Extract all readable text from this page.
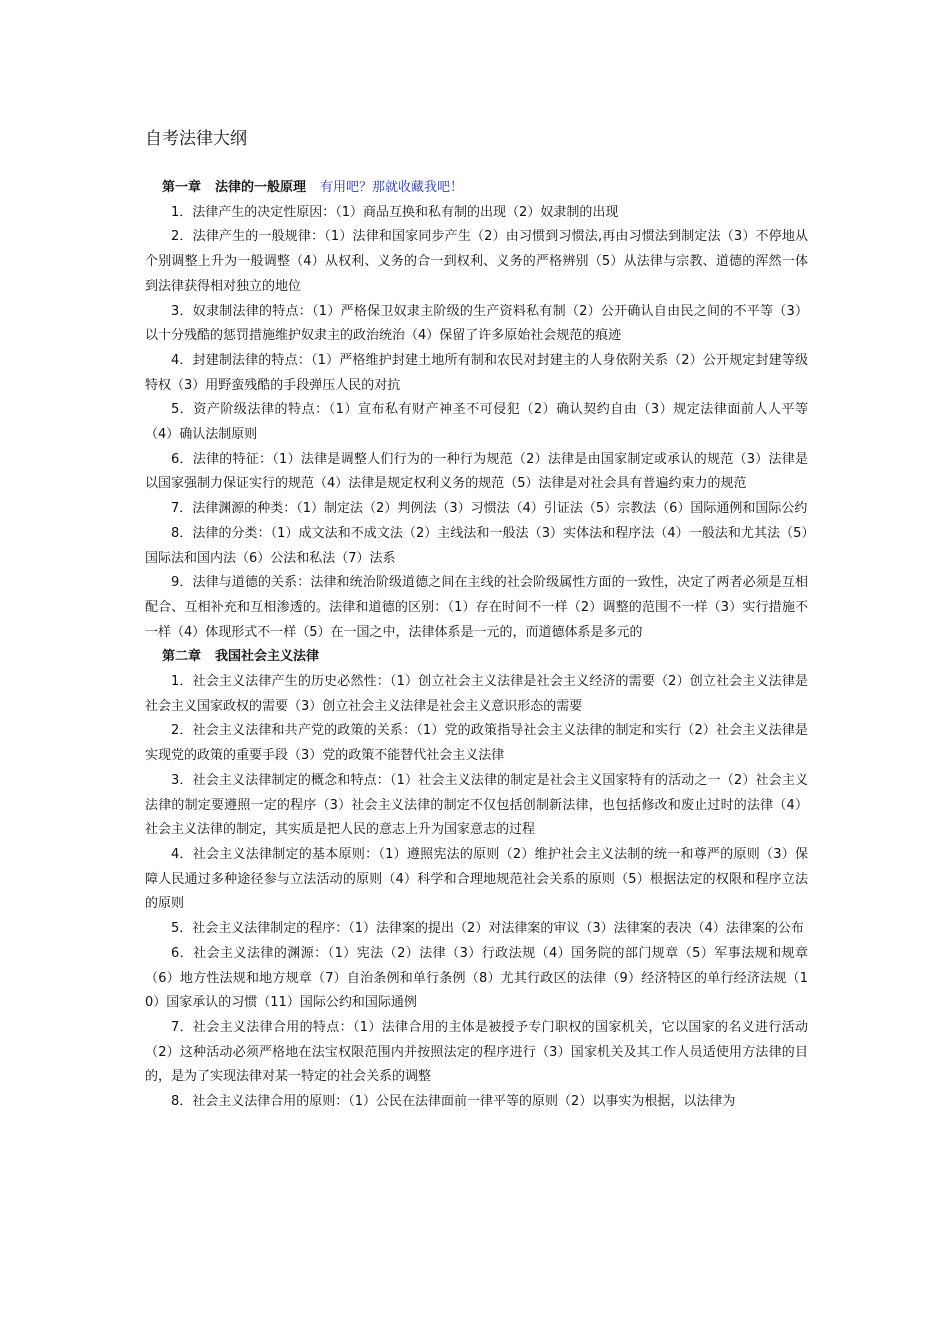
自考法律大纲

第一章 法律的一般原理 有用吧？那就收藏我吧！

1．法律产生的决定性原因：（1）商品互换和私有制的出现（2）奴隶制的出现

2．法律产生的一般规律：（1）法律和国家同步产生（2）由习惯到习惯法,再由习惯法到制定法（3）不停地从个别调整上升为一般调整（4）从权利、义务的合一到权利、义务的严格辨别（5）从法律与宗教、道德的浑然一体到法律获得相对独立的地位

3．奴隶制法律的特点：（1）严格保卫奴隶主阶级的生产资料私有制（2）公开确认自由民之间的不平等（3）以十分残酷的惩罚措施维护奴隶主的政治统治（4）保留了许多原始社会规范的痕迹

4．封建制法律的特点：（1）严格维护封建土地所有制和农民对封建主的人身依附关系（2）公开规定封建等级特权（3）用野蛮残酷的手段弹压人民的对抗

5．资产阶级法律的特点：（1）宣布私有财产神圣不可侵犯（2）确认契约自由（3）规定法律面前人人平等（4）确认法制原则

6．法律的特征：（1）法律是调整人们行为的一种行为规范（2）法律是由国家制定或承认的规范（3）法律是以国家强制力保证实行的规范（4）法律是规定权利义务的规范（5）法律是对社会具有普遍约束力的规范

7．法律渊源的种类：（1）制定法（2）判例法（3）习惯法（4）引证法（5）宗教法（6）国际通例和国际公约

8．法律的分类：（1）成文法和不成文法（2）主线法和一般法（3）实体法和程序法（4）一般法和尤其法（5）国际法和国内法（6）公法和私法（7）法系

9．法律与道德的关系：法律和统治阶级道德之间在主线的社会阶级属性方面的一致性，决定了两者必须是互相配合、互相补充和互相渗透的。法律和道德的区别：（1）存在时间不一样（2）调整的范围不一样（3）实行措施不一样（4）体现形式不一样（5）在一国之中，法律体系是一元的，而道德体系是多元的

第二章 我国社会主义法律

1．社会主义法律产生的历史必然性：（1）创立社会主义法律是社会主义经济的需要（2）创立社会主义法律是社会主义国家政权的需要（3）创立社会主义法律是社会主义意识形态的需要

2．社会主义法律和共产党的政策的关系：（1）党的政策指导社会主义法律的制定和实行（2）社会主义法律是实现党的政策的重要手段（3）党的政策不能替代社会主义法律

3．社会主义法律制定的概念和特点：（1）社会主义法律的制定是社会主义国家特有的活动之一（2）社会主义法律的制定要遵照一定的程序（3）社会主义法律的制定不仅包括创制新法律，也包括修改和废止过时的法律（4）社会主义法律的制定，其实质是把人民的意志上升为国家意志的过程

4．社会主义法律制定的基本原则：（1）遵照宪法的原则（2）维护社会主义法制的统一和尊严的原则（3）保障人民通过多种途径参与立法活动的原则（4）科学和合理地规范社会关系的原则（5）根据法定的权限和程序立法的原则

5．社会主义法律制定的程序：（1）法律案的提出（2）对法律案的审议（3）法律案的表决（4）法律案的公布

6．社会主义法律的渊源：（1）宪法（2）法律（3）行政法规（4）国务院的部门规章（5）军事法规和规章（6）地方性法规和地方规章（7）自治条例和单行条例（8）尤其行政区的法律（9）经济特区的单行经济法规（10）国家承认的习惯（11）国际公约和国际通例

7．社会主义法律合用的特点：（1）法律合用的主体是被授予专门职权的国家机关，它以国家的名义进行活动（2）这种活动必须严格地在法宝权限范围内并按照法定的程序进行（3）国家机关及其工作人员适使用方法律的目的，是为了实现法律对某一特定的社会关系的调整

8．社会主义法律合用的原则：（1）公民在法律面前一律平等的原则（2）以事实为根据，以法律为
